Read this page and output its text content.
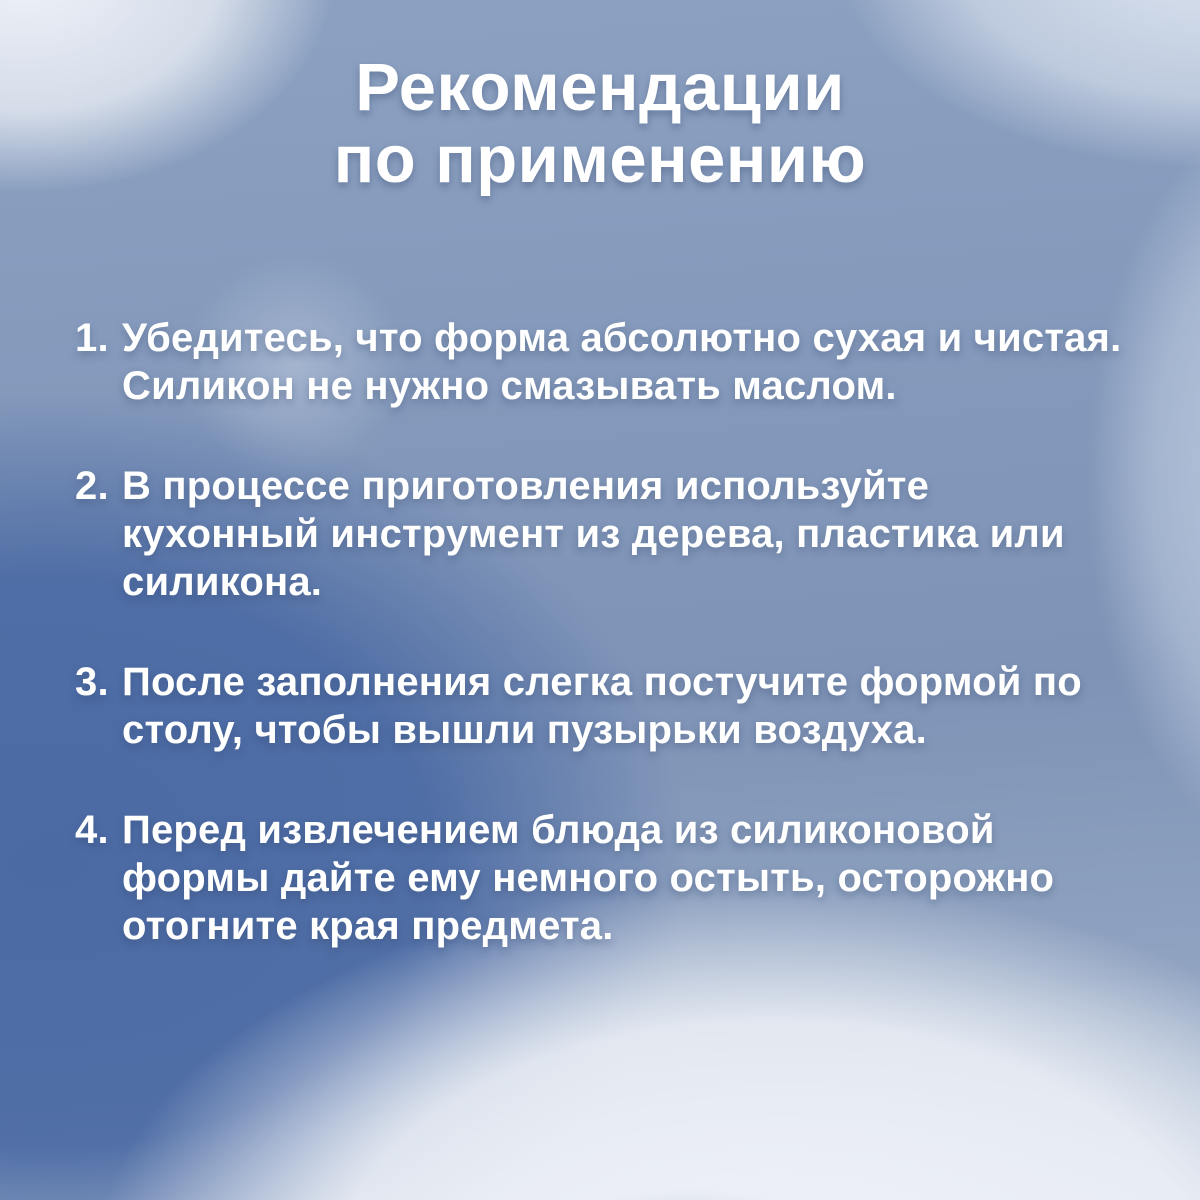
Рекомендации
по применению
1. Убедитесь, что форма абсолютно сухая и чистая. Силикон не нужно смазывать маслом.
2. В процессе приготовления используйте кухонный инструмент из дерева, пластика или силикона.
3. После заполнения слегка постучите формой по столу, чтобы вышли пузырьки воздуха.
4. Перед извлечением блюда из силиконовой формы дайте ему немного остыть, осторожно отогните края предмета.
